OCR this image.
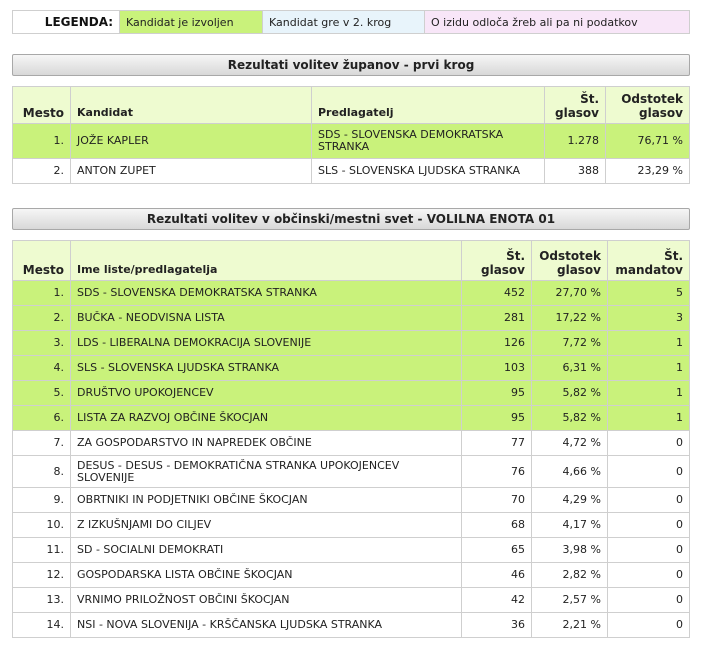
LEGENDA:	Kandidat je izvoljen	Kandidat gre v 2. krog	O izidu odloča žreb ali pa ni podatkov
Rezultati volitev županov - prvi krog
Mesto	Kandidat	Predlagatelj	Št. glasov	Odstotek glasov
1.	JOŽE KAPLER	SDS - SLOVENSKA DEMOKRATSKA STRANKA	1.278	76,71 %
2.	ANTON ZUPET	SLS - SLOVENSKA LJUDSKA STRANKA	388	23,29 %
Rezultati volitev v občinski/mestni svet - VOLILNA ENOTA 01
Mesto	Ime liste/predlagatelja	Št. glasov	Odstotek glasov	Št. mandatov
1.	SDS - SLOVENSKA DEMOKRATSKA STRANKA	452	27,70 %	5
2.	BUČKA - NEODVISNA LISTA	281	17,22 %	3
3.	LDS - LIBERALNA DEMOKRACIJA SLOVENIJE	126	7,72 %	1
4.	SLS - SLOVENSKA LJUDSKA STRANKA	103	6,31 %	1
5.	DRUŠTVO UPOKOJENCEV	95	5,82 %	1
6.	LISTA ZA RAZVOJ OBČINE ŠKOCJAN	95	5,82 %	1
7.	ZA GOSPODARSTVO IN NAPREDEK OBČINE	77	4,72 %	0
8.	DESUS - DESUS - DEMOKRATIČNA STRANKA UPOKOJENCEV SLOVENIJE	76	4,66 %	0
9.	OBRTNIKI IN PODJETNIKI OBČINE ŠKOCJAN	70	4,29 %	0
10.	Z IZKUŠNJAMI DO CILJEV	68	4,17 %	0
11.	SD - SOCIALNI DEMOKRATI	65	3,98 %	0
12.	GOSPODARSKA LISTA OBČINE ŠKOCJAN	46	2,82 %	0
13.	VRNIMO PRILOŽNOST OBČINI ŠKOCJAN	42	2,57 %	0
14.	NSI - NOVA SLOVENIJA - KRŠČANSKA LJUDSKA STRANKA	36	2,21 %	0
